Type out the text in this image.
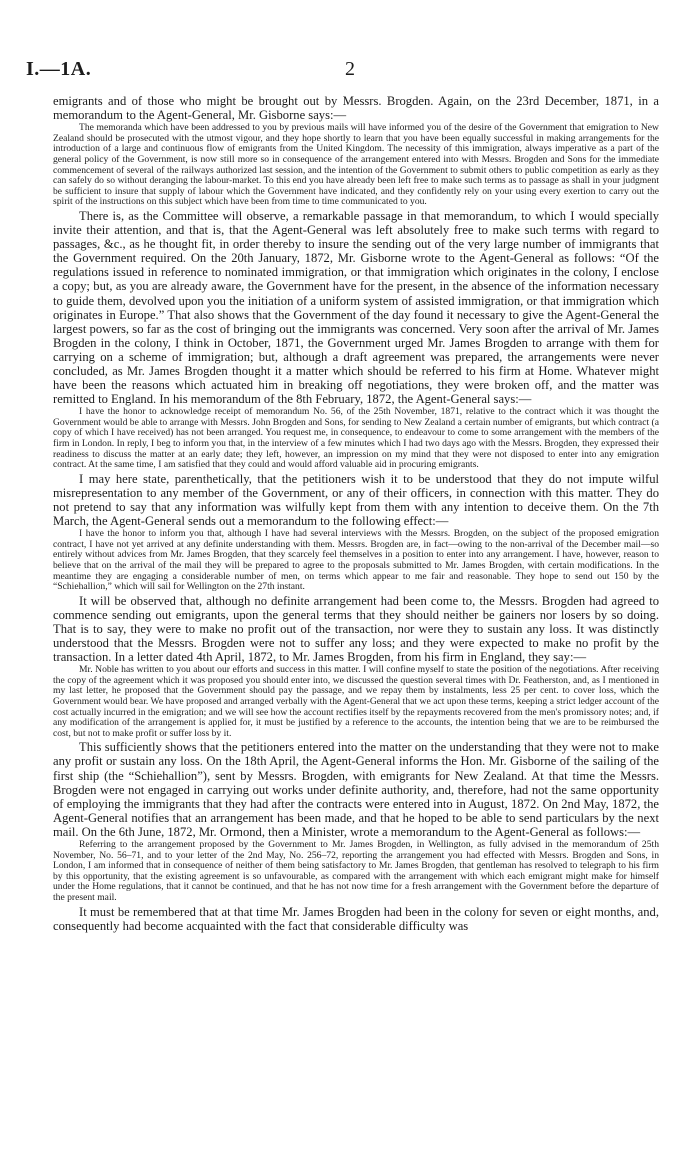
I.—1A.	2

emigrants and of those who might be brought out by Messrs. Brogden. Again, on the 23rd December, 1871, in a memorandum to the Agent-General, Mr. Gisborne says:—

The memoranda which have been addressed to you by previous mails will have informed you of the desire of the Government that emigration to New Zealand should be prosecuted with the utmost vigour, and they hope shortly to learn that you have been equally successful in making arrangements for the introduction of a large and continuous flow of emigrants from the United Kingdom. The necessity of this immigration, always imperative as a part of the general policy of the Government, is now still more so in consequence of the arrangement entered into with Messrs. Brogden and Sons for the immediate commencement of several of the railways authorized last session, and the intention of the Government to submit others to public competition as early as they can safely do so without deranging the labour-market. To this end you have already been left free to make such terms as to passage as shall in your judgment be sufficient to insure that supply of labour which the Government have indicated, and they confidently rely on your using every exertion to carry out the spirit of the instructions on this subject which have been from time to time communicated to you.

There is, as the Committee will observe, a remarkable passage in that memorandum, to which I would specially invite their attention, and that is, that the Agent-General was left absolutely free to make such terms with regard to passages, &c., as he thought fit, in order thereby to insure the sending out of the very large number of immigrants that the Government required. On the 20th January, 1872, Mr. Gisborne wrote to the Agent-General as follows: “Of the regulations issued in reference to nominated immigration, or that immigration which originates in the colony, I enclose a copy; but, as you are already aware, the Government have for the present, in the absence of the information necessary to guide them, devolved upon you the initiation of a uniform system of assisted immigration, or that immigration which originates in Europe.” That also shows that the Government of the day found it necessary to give the Agent-General the largest powers, so far as the cost of bringing out the immigrants was concerned. Very soon after the arrival of Mr. James Brogden in the colony, I think in October, 1871, the Government urged Mr. James Brogden to arrange with them for carrying on a scheme of immigration; but, although a draft agreement was prepared, the arrangements were never concluded, as Mr. James Brogden thought it a matter which should be referred to his firm at Home. Whatever might have been the reasons which actuated him in breaking off negotiations, they were broken off, and the matter was remitted to England. In his memorandum of the 8th February, 1872, the Agent-General says:—

I have the honor to acknowledge receipt of memorandum No. 56, of the 25th November, 1871, relative to the contract which it was thought the Government would be able to arrange with Messrs. John Brogden and Sons, for sending to New Zealand a certain number of emigrants, but which contract (a copy of which I have received) has not been arranged. You request me, in consequence, to endeavour to come to some arrangement with the members of the firm in London. In reply, I beg to inform you that, in the interview of a few minutes which I had two days ago with the Messrs. Brogden, they expressed their readiness to discuss the matter at an early date; they left, however, an impression on my mind that they were not disposed to enter into any emigration contract. At the same time, I am satisfied that they could and would afford valuable aid in procuring emigrants.

I may here state, parenthetically, that the petitioners wish it to be understood that they do not impute wilful misrepresentation to any member of the Government, or any of their officers, in connection with this matter. They do not pretend to say that any information was wilfully kept from them with any intention to deceive them. On the 7th March, the Agent-General sends out a memorandum to the following effect:—

I have the honor to inform you that, although I have had several interviews with the Messrs. Brogden, on the subject of the proposed emigration contract, I have not yet arrived at any definite understanding with them. Messrs. Brogden are, in fact—owing to the non-arrival of the December mail—so entirely without advices from Mr. James Brogden, that they scarcely feel themselves in a position to enter into any arrangement. I have, however, reason to believe that on the arrival of the mail they will be prepared to agree to the proposals submitted to Mr. James Brogden, with certain modifications. In the meantime they are engaging a considerable number of men, on terms which appear to me fair and reasonable. They hope to send out 150 by the “Schiehallion,” which will sail for Wellington on the 27th instant.

It will be observed that, although no definite arrangement had been come to, the Messrs. Brogden had agreed to commence sending out emigrants, upon the general terms that they should neither be gainers nor losers by so doing. That is to say, they were to make no profit out of the transaction, nor were they to sustain any loss. It was distinctly understood that the Messrs. Brogden were not to suffer any loss; and they were expected to make no profit by the transaction. In a letter dated 4th April, 1872, to Mr. James Brogden, from his firm in England, they say:—

Mr. Noble has written to you about our efforts and success in this matter. I will confine myself to state the position of the negotiations. After receiving the copy of the agreement which it was proposed you should enter into, we discussed the question several times with Dr. Featherston, and, as I mentioned in my last letter, he proposed that the Government should pay the passage, and we repay them by instalments, less 25 per cent. to cover loss, which the Government would bear. We have proposed and arranged verbally with the Agent-General that we act upon these terms, keeping a strict ledger account of the cost actually incurred in the emigration; and we will see how the account rectifies itself by the repayments recovered from the men's promissory notes; and, if any modification of the arrangement is applied for, it must be justified by a reference to the accounts, the intention being that we are to be reimbursed the cost, but not to make profit or suffer loss by it.

This sufficiently shows that the petitioners entered into the matter on the understanding that they were not to make any profit or sustain any loss. On the 18th April, the Agent-General informs the Hon. Mr. Gisborne of the sailing of the first ship (the “Schiehallion”), sent by Messrs. Brogden, with emigrants for New Zealand. At that time the Messrs. Brogden were not engaged in carrying out works under definite authority, and, therefore, had not the same opportunity of employing the immigrants that they had after the contracts were entered into in August, 1872. On 2nd May, 1872, the Agent-General notifies that an arrangement has been made, and that he hoped to be able to send particulars by the next mail. On the 6th June, 1872, Mr. Ormond, then a Minister, wrote a memorandum to the Agent-General as follows:—

Referring to the arrangement proposed by the Government to Mr. James Brogden, in Wellington, as fully advised in the memorandum of 25th November, No. 56–71, and to your letter of the 2nd May, No. 256–72, reporting the arrangement you had effected with Messrs. Brogden and Sons, in London, I am informed that in consequence of neither of them being satisfactory to Mr. James Brogden, that gentleman has resolved to telegraph to his firm by this opportunity, that the existing agreement is so unfavourable, as compared with the arrangement with which each emigrant might make for himself under the Home regulations, that it cannot be continued, and that he has not now time for a fresh arrangement with the Government before the departure of the present mail.

It must be remembered that at that time Mr. James Brogden had been in the colony for seven or eight months, and, consequently had become acquainted with the fact that considerable difficulty was
